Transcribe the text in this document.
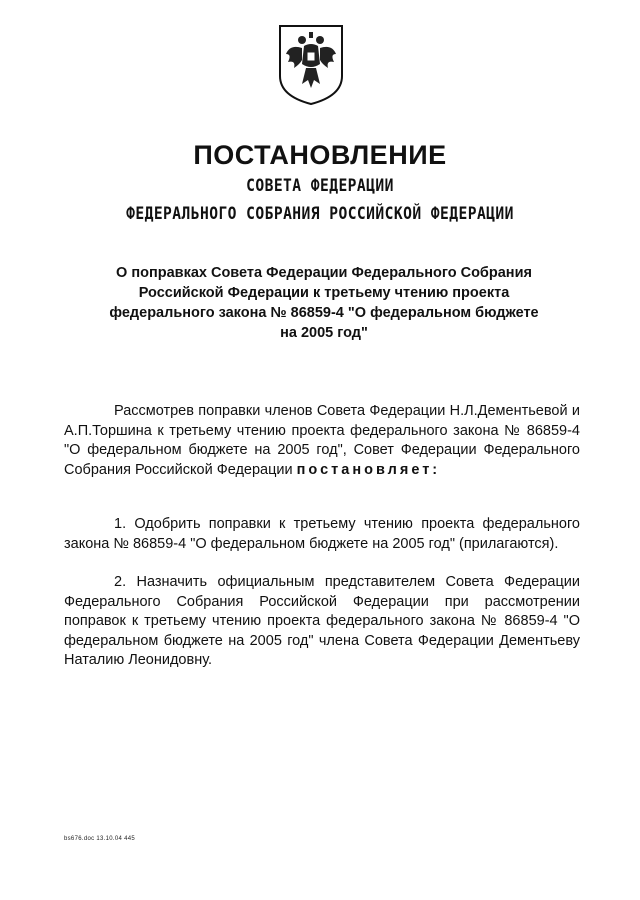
ПОСТАНОВЛЕНИЕ

СОВЕТА ФЕДЕРАЦИИ

ФЕДЕРАЛЬНОГО СОБРАНИЯ РОССИЙСКОЙ ФЕДЕРАЦИИ

О поправках Совета Федерации Федерального Собрания
Российской Федерации к третьему чтению проекта
федерального закона № 86859-4 "О федеральном бюджете
на 2005 год"
Рассмотрев поправки членов Совета Федерации Н.Л.Дементьевой и А.П.Торшина к третьему чтению проекта федерального закона № 86859-4 "О федеральном бюджете на 2005 год", Совет Федерации Федерального Собрания Российской Федерации постановляет:
1. Одобрить поправки к третьему чтению проекта федерального закона № 86859-4 "О федеральном бюджете на 2005 год" (прилагаются).
2. Назначить официальным представителем Совета Федерации Федерального Собрания Российской Федерации при рассмотрении поправок к третьему чтению проекта федерального закона № 86859-4 "О федеральном бюджете на 2005 год" члена Совета Федерации Дементьеву Наталию Леонидовну.
bs676.doc 13.10.04 445
